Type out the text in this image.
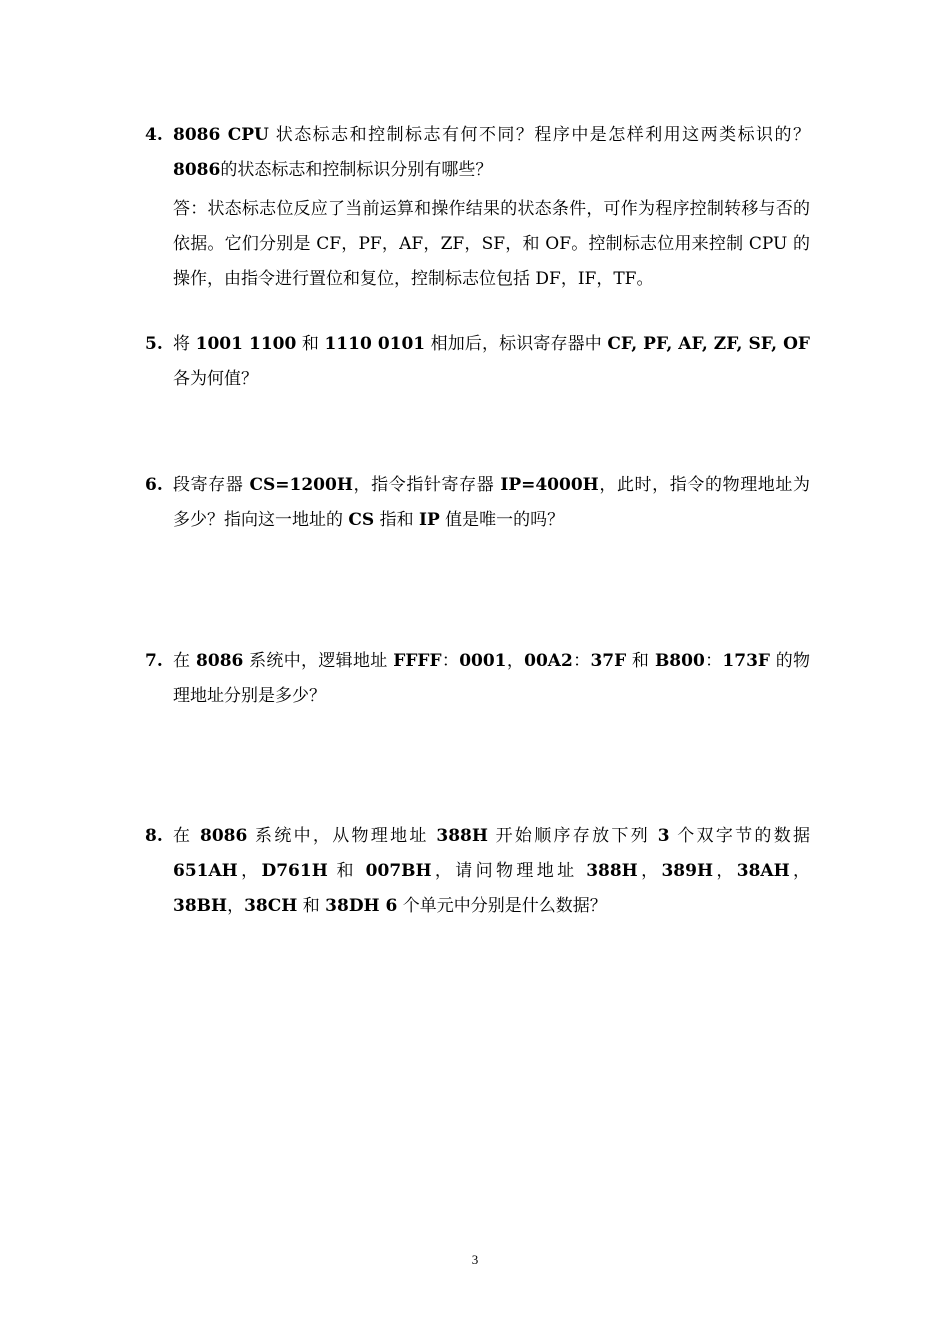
4. 8086 CPU 状态标志和控制标志有何不同？程序中是怎样利用这两类标识的？8086的状态标志和控制标识分别有哪些？
答：状态标志位反应了当前运算和操作结果的状态条件，可作为程序控制转移与否的依据。它们分别是 CF，PF，AF，ZF，SF，和 OF。控制标志位用来控制 CPU 的操作，由指令进行置位和复位，控制标志位包括 DF，IF，TF。
5. 将 1001 1100 和 1110 0101 相加后，标识寄存器中 CF, PF, AF, ZF, SF, OF 各为何值？
6. 段寄存器 CS=1200H，指令指针寄存器 IP=4000H，此时，指令的物理地址为多少？指向这一地址的 CS 指和 IP 值是唯一的吗？
7. 在 8086 系统中，逻辑地址 FFFF：0001，00A2：37F 和 B800：173F 的物理地址分别是多少？
8. 在 8086 系统中，从物理地址 388H 开始顺序存放下列 3 个双字节的数据 651AH，D761H 和 007BH，请问物理地址 388H，389H，38AH，38BH，38CH 和 38DH 6 个单元中分别是什么数据？
3
